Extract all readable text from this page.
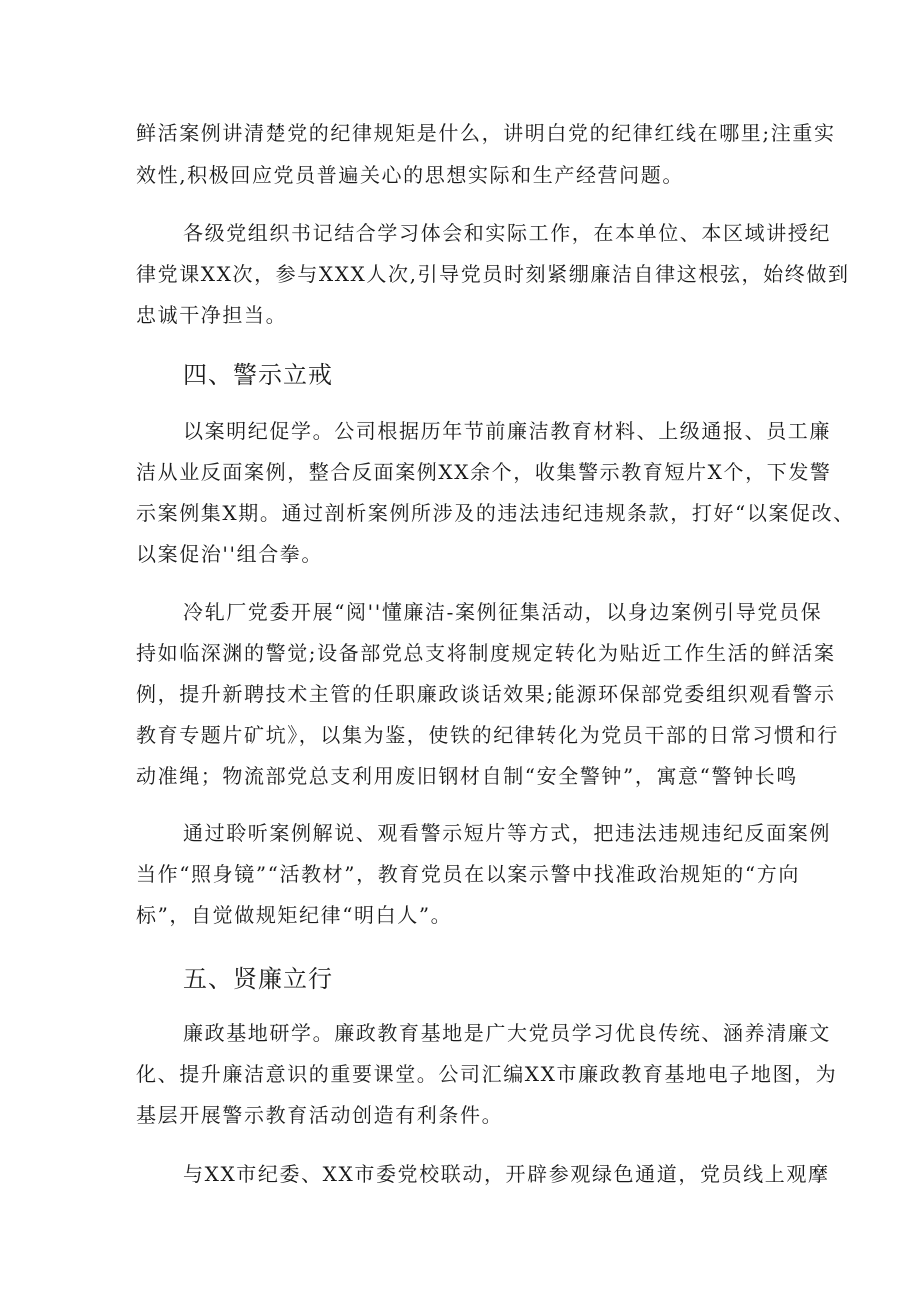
鲜活案例讲清楚党的纪律规矩是什么，讲明白党的纪律红线在哪里;注重实
效性,积极回应党员普遍关心的思想实际和生产经营问题。
各级党组织书记结合学习体会和实际工作，在本单位、本区域讲授纪
律党课XX次，参与XXX人次,引导党员时刻紧绷廉洁自律这根弦，始终做到
忠诚干净担当。
四、警示立戒
以案明纪促学。公司根据历年节前廉洁教育材料、上级通报、员工廉
洁从业反面案例，整合反面案例XX余个，收集警示教育短片X个，下发警
示案例集X期。通过剖析案例所涉及的违法违纪违规条款，打好“以案促改、
以案促治''组合拳。
冷轧厂党委开展“阅''懂廉洁-案例征集活动，以身边案例引导党员保
持如临深渊的警觉;设备部党总支将制度规定转化为贴近工作生活的鲜活案
例，提升新聘技术主管的任职廉政谈话效果;能源环保部党委组织观看警示
教育专题片矿坑》，以集为鉴，使铁的纪律转化为党员干部的日常习惯和行
动准绳；物流部党总支利用废旧钢材自制“安全警钟”，寓意“警钟长鸣
通过聆听案例解说、观看警示短片等方式，把违法违规违纪反面案例
当作“照身镜”“活教材”，教育党员在以案示警中找准政治规矩的“方向
标”，自觉做规矩纪律“明白人”。
五、贤廉立行
廉政基地研学。廉政教育基地是广大党员学习优良传统、涵养清廉文
化、提升廉洁意识的重要课堂。公司汇编XX市廉政教育基地电子地图，为
基层开展警示教育活动创造有利条件。
与XX市纪委、XX市委党校联动，开辟参观绿色通道，党员线上观摩
